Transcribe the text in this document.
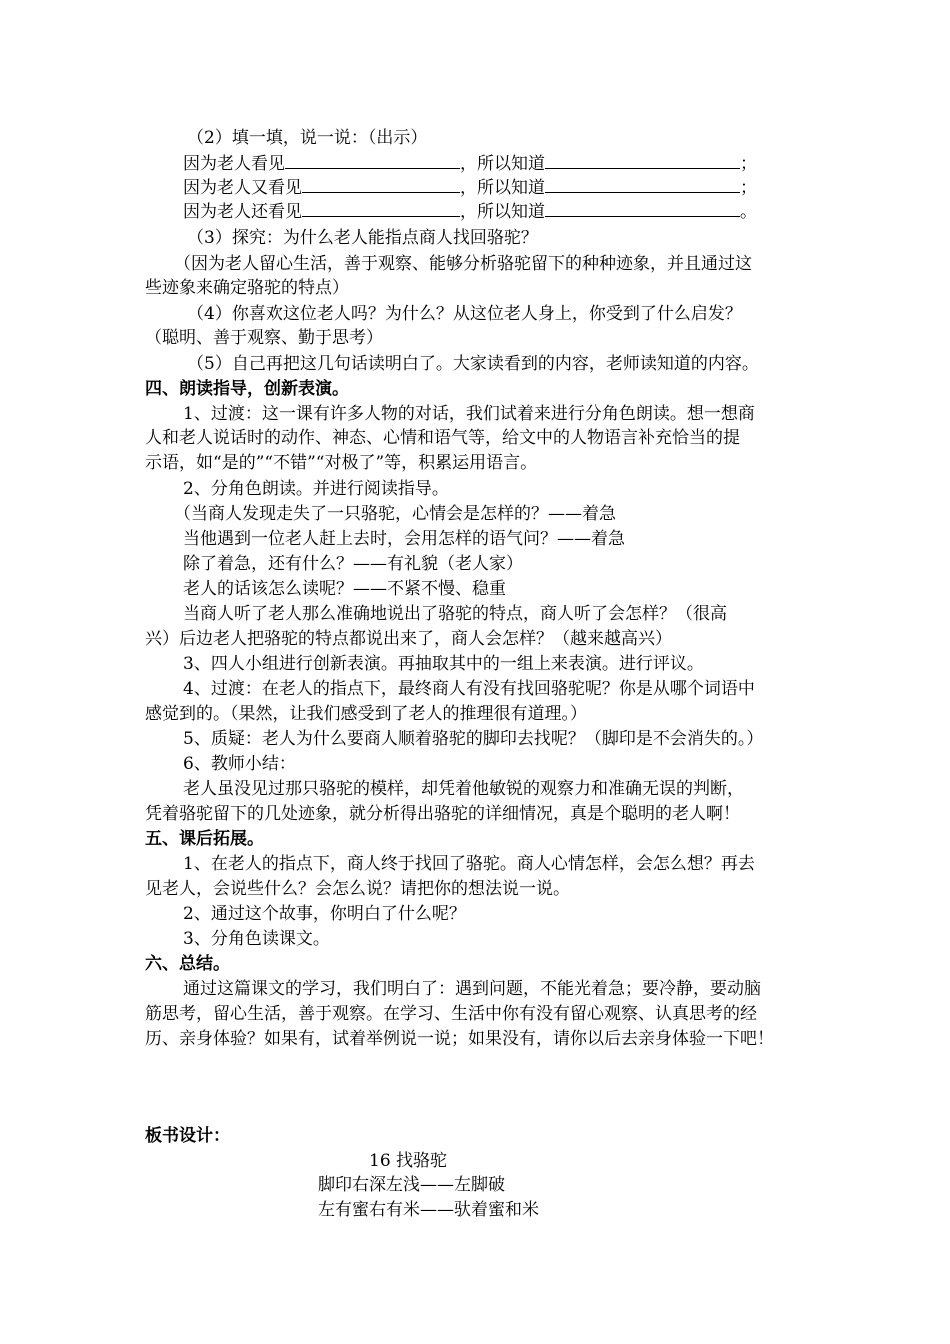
（2）填一填，说一说：（出示）
因为老人看见	，所以知道	；
因为老人又看见	，所以知道	；
因为老人还看见	，所以知道	。
（3）探究：为什么老人能指点商人找回骆驼？
（因为老人留心生活，善于观察、能够分析骆驼留下的种种迹象，并且通过这
些迹象来确定骆驼的特点）
（4）你喜欢这位老人吗？为什么？从这位老人身上，你受到了什么启发？
（聪明、善于观察、勤于思考）
（5）自己再把这几句话读明白了。大家读看到的内容，老师读知道的内容。
四、朗读指导，创新表演。
1、过渡：这一课有许多人物的对话，我们试着来进行分角色朗读。想一想商
人和老人说话时的动作、神态、心情和语气等，给文中的人物语言补充恰当的提
示语，如“是的”“不错”“对极了”等，积累运用语言。
2、分角色朗读。并进行阅读指导。
（当商人发现走失了一只骆驼，心情会是怎样的？——着急
当他遇到一位老人赶上去时，会用怎样的语气问？——着急
除了着急，还有什么？——有礼貌（老人家）
老人的话该怎么读呢？——不紧不慢、稳重
当商人听了老人那么准确地说出了骆驼的特点，商人听了会怎样？（很高
兴）后边老人把骆驼的特点都说出来了，商人会怎样？（越来越高兴）
3、四人小组进行创新表演。再抽取其中的一组上来表演。进行评议。
4、过渡：在老人的指点下，最终商人有没有找回骆驼呢？你是从哪个词语中
感觉到的。（果然，让我们感受到了老人的推理很有道理。）
5、质疑：老人为什么要商人顺着骆驼的脚印去找呢？（脚印是不会消失的。）
6、教师小结：
老人虽没见过那只骆驼的模样，却凭着他敏锐的观察力和准确无误的判断，
凭着骆驼留下的几处迹象，就分析得出骆驼的详细情况，真是个聪明的老人啊！
五、课后拓展。
1、在老人的指点下，商人终于找回了骆驼。商人心情怎样，会怎么想？再去
见老人，会说些什么？会怎么说？请把你的想法说一说。
2、通过这个故事，你明白了什么呢？
3、分角色读课文。
六、总结。
通过这篇课文的学习，我们明白了：遇到问题，不能光着急；要冷静，要动脑
筋思考，留心生活，善于观察。在学习、生活中你有没有留心观察、认真思考的经
历、亲身体验？如果有，试着举例说一说；如果没有，请你以后去亲身体验一下吧！
板书设计：
16 找骆驼
脚印右深左浅——左脚破
左有蜜右有米——驮着蜜和米
